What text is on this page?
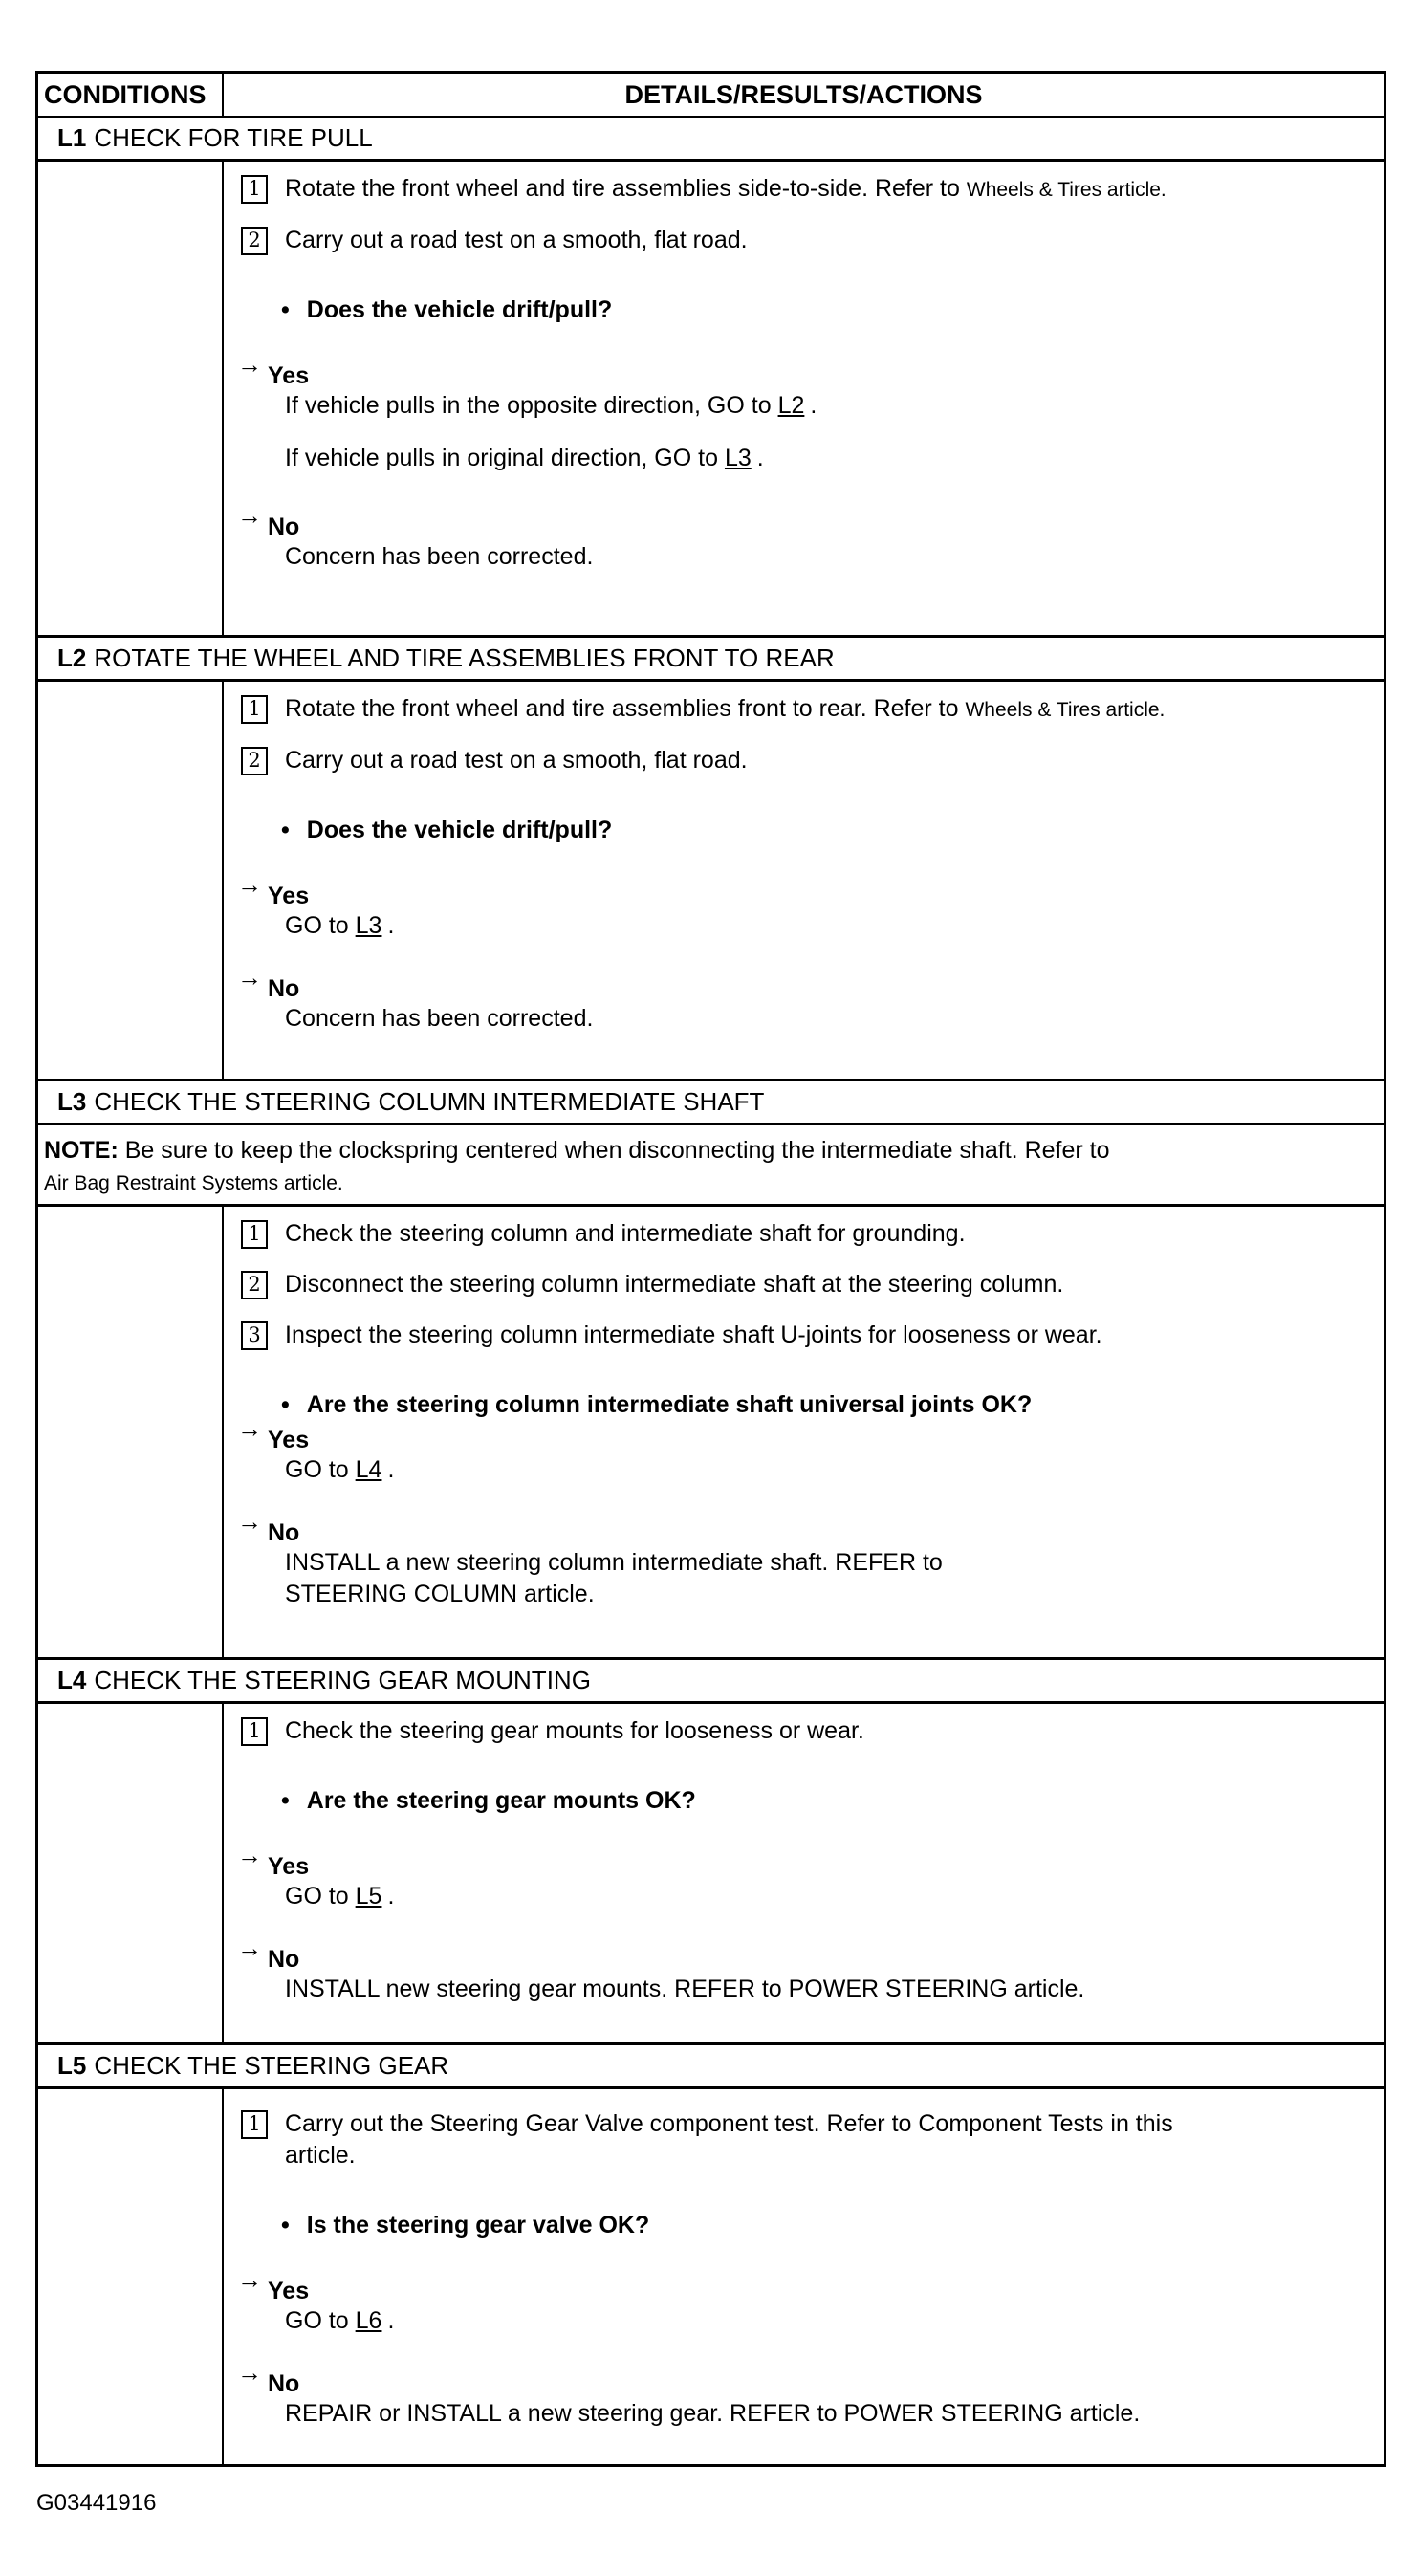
CONDITIONS	DETAILS/RESULTS/ACTIONS
L1 CHECK FOR TIRE PULL
1 Rotate the front wheel and tire assemblies side-to-side. Refer to Wheels & Tires article.
2 Carry out a road test on a smooth, flat road.
• Does the vehicle drift/pull?
→ Yes

If vehicle pulls in the opposite direction, GO to L2 .

If vehicle pulls in original direction, GO to L3 .

→ No

Concern has been corrected.

L2 ROTATE THE WHEEL AND TIRE ASSEMBLIES FRONT TO REAR
1 Rotate the front wheel and tire assemblies front to rear. Refer to Wheels & Tires article.
2 Carry out a road test on a smooth, flat road.
• Does the vehicle drift/pull?
→ Yes

GO to L3 .

→ No

Concern has been corrected.

L3 CHECK THE STEERING COLUMN INTERMEDIATE SHAFT
NOTE: Be sure to keep the clockspring centered when disconnecting the intermediate shaft. Refer to
Air Bag Restraint Systems article.
1 Check the steering column and intermediate shaft for grounding.
2 Disconnect the steering column intermediate shaft at the steering column.
3 Inspect the steering column intermediate shaft U-joints for looseness or wear.
• Are the steering column intermediate shaft universal joints OK?
→ Yes

GO to L4 .

→ No

INSTALL a new steering column intermediate shaft. REFER to

STEERING COLUMN article.

L4 CHECK THE STEERING GEAR MOUNTING
1 Check the steering gear mounts for looseness or wear.
• Are the steering gear mounts OK?
→ Yes

GO to L5 .

→ No

INSTALL new steering gear mounts. REFER to POWER STEERING article.

L5 CHECK THE STEERING GEAR
1 Carry out the Steering Gear Valve component test. Refer to Component Tests in this
article.
• Is the steering gear valve OK?
→ Yes

GO to L6 .

→ No

REPAIR or INSTALL a new steering gear. REFER to POWER STEERING article.

G03441916
